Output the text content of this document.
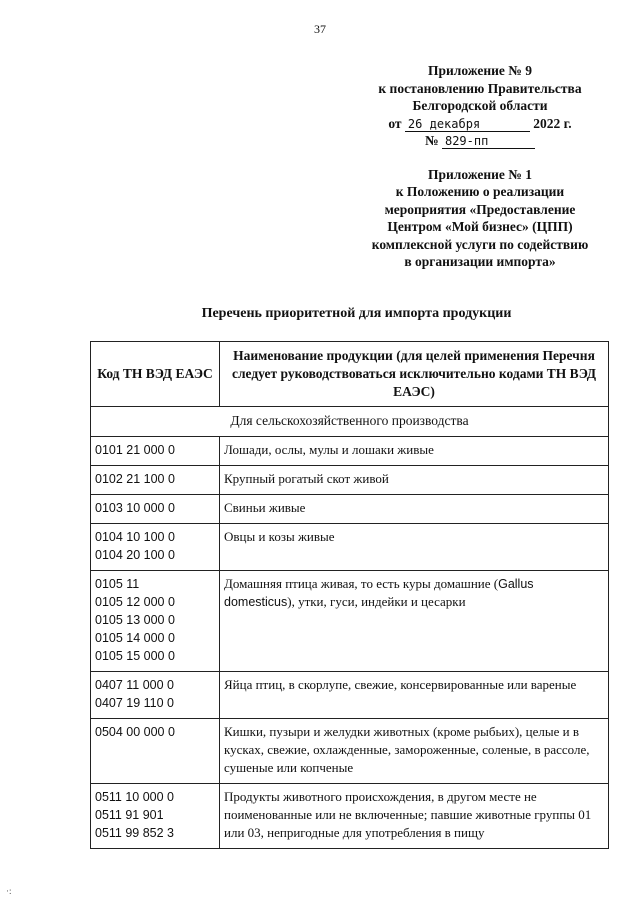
37
Приложение № 9
к постановлению Правительства
Белгородской области
от 26 декабря	2022 г.
№ 829-пп
Приложение № 1
к Положению о реализации
мероприятия «Предоставление
Центром «Мой бизнес» (ЦПП)
комплексной услуги по содействию
в организации импорта»
Перечень приоритетной для импорта продукции
Код ТН ВЭД ЕАЭС	Наименование продукции (для целей применения Перечня следует руководствоваться исключительно кодами ТН ВЭД ЕАЭС)
Для сельскохозяйственного производства	

0101 21 000 0	Лошади, ослы, мулы и лошаки живые

0102 21 100 0	Крупный рогатый скот живой

0103 10 000 0	Свиньи живые

0104 10 100 0
0104 20 100 0	Овцы и козы живые

0105 11
0105 12 000 0
0105 13 000 0
0105 14 000 0
0105 15 000 0	Домашняя птица живая, то есть куры домашние (Gallus domesticus), утки, гуси, индейки и цесарки

0407 11 000 0
0407 19 110 0	Яйца птиц, в скорлупе, свежие, консервированные или вареные

0504 00 000 0	Кишки, пузыри и желудки животных (кроме рыбьих), целые и в кусках, свежие, охлажденные, замороженные, соленые, в рассоле, сушеные или копченые

0511 10 000 0
0511 91 901
0511 99 852 3	Продукты животного происхождения, в другом месте не поименованные или не включенные; павшие животные группы 01 или 03, непригодные для употребления в пищу
·:
